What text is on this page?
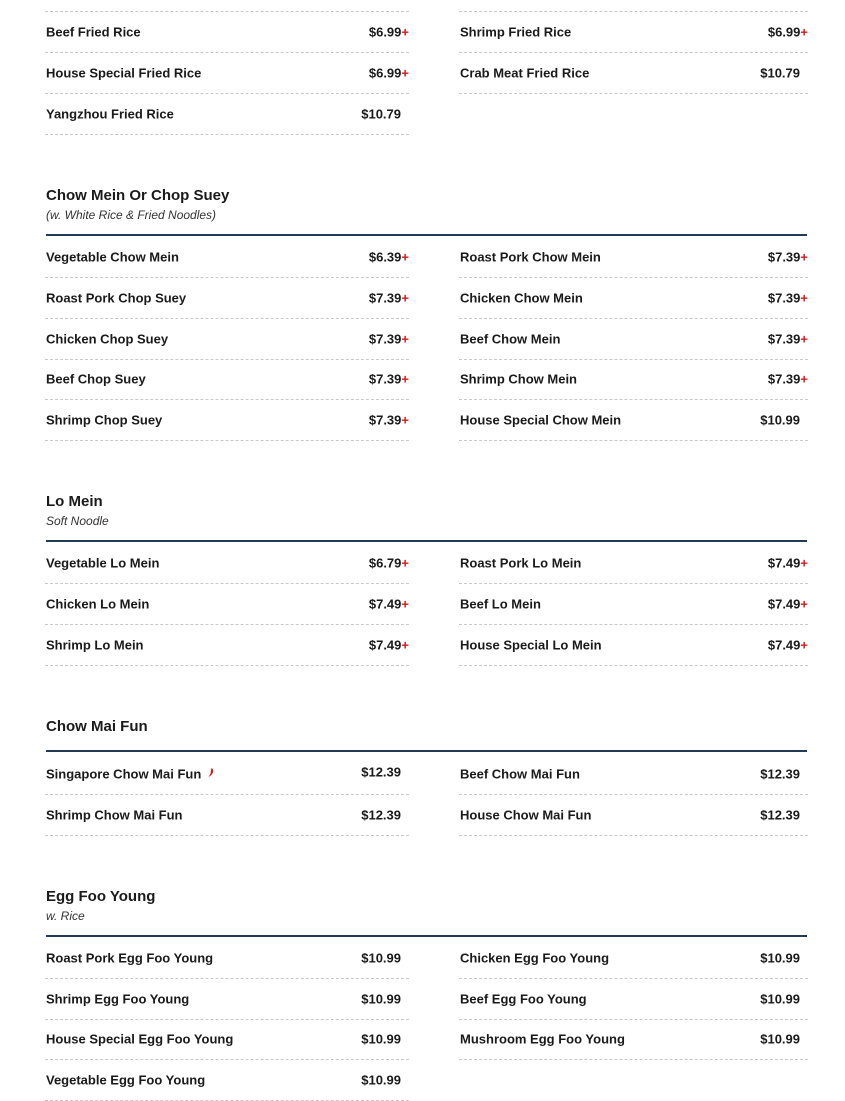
Beef Fried Rice	$6.99+
House Special Fried Rice	$6.99+
Yangzhou Fried Rice	$10.79
Shrimp Fried Rice	$6.99+
Crab Meat Fried Rice	$10.79
Chow Mein Or Chop Suey
(w. White Rice & Fried Noodles)
Vegetable Chow Mein	$6.39+
Roast Pork Chop Suey	$7.39+
Chicken Chop Suey	$7.39+
Beef Chop Suey	$7.39+
Shrimp Chop Suey	$7.39+
Roast Pork Chow Mein	$7.39+
Chicken Chow Mein	$7.39+
Beef Chow Mein	$7.39+
Shrimp Chow Mein	$7.39+
House Special Chow Mein	$10.99
Lo Mein
Soft Noodle
Vegetable Lo Mein	$6.79+
Chicken Lo Mein	$7.49+
Shrimp Lo Mein	$7.49+
Roast Pork Lo Mein	$7.49+
Beef Lo Mein	$7.49+
House Special Lo Mein	$7.49+
Chow Mai Fun
Singapore Chow Mai Fun	$12.39
Shrimp Chow Mai Fun	$12.39
Beef Chow Mai Fun	$12.39
House Chow Mai Fun	$12.39
Egg Foo Young
w. Rice
Roast Pork Egg Foo Young	$10.99
Shrimp Egg Foo Young	$10.99
House Special Egg Foo Young	$10.99
Vegetable Egg Foo Young	$10.99
Chicken Egg Foo Young	$10.99
Beef Egg Foo Young	$10.99
Mushroom Egg Foo Young	$10.99
